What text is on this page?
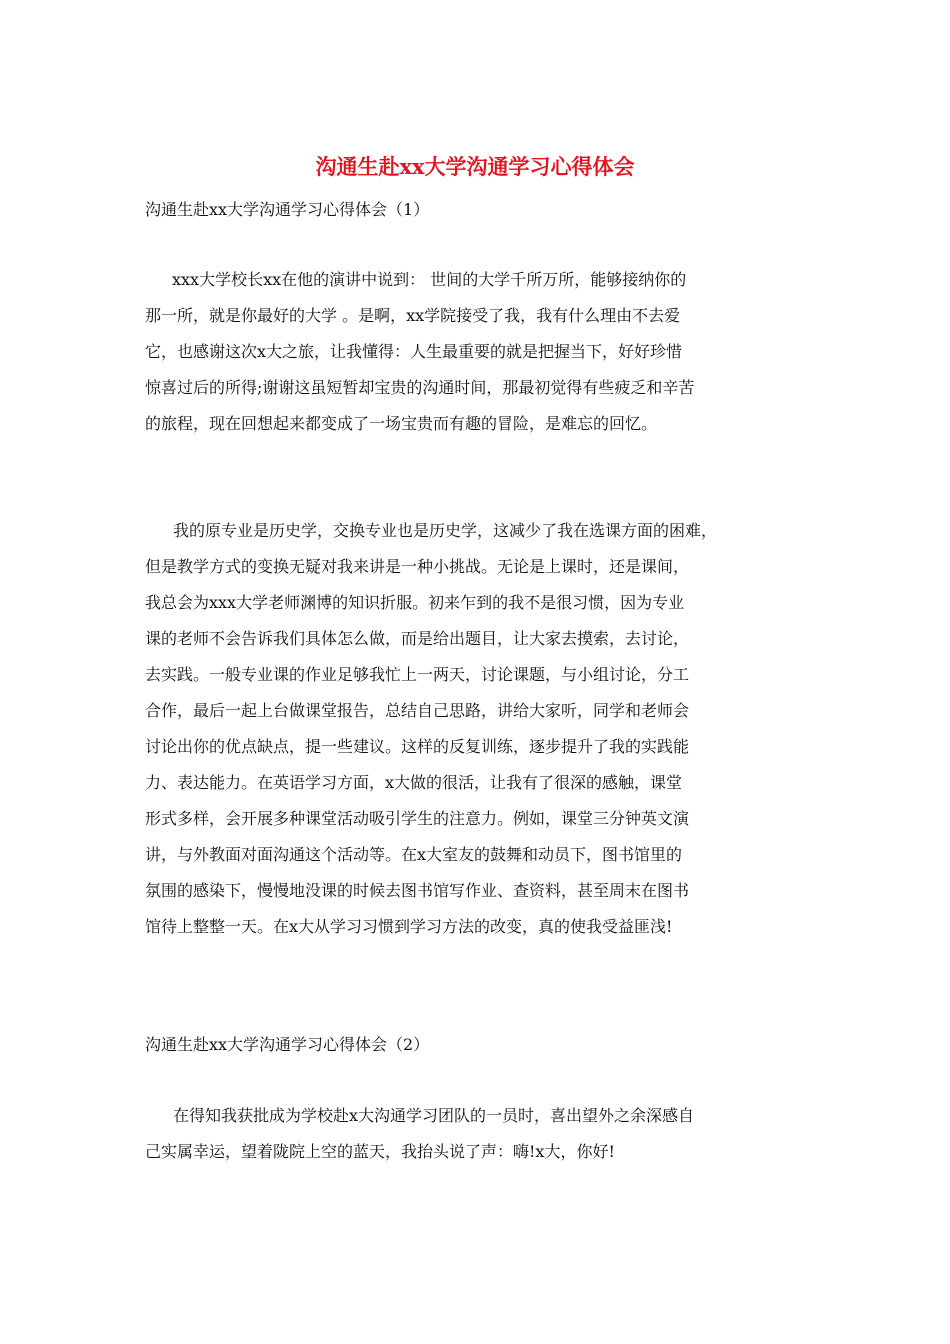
沟通生赴xx大学沟通学习心得体会
沟通生赴xx大学沟通学习心得体会（1）
xxx大学校长xx在他的演讲中说到： 世间的大学千所万所，能够接纳你的
那一所，就是你最好的大学 。是啊，xx学院接受了我，我有什么理由不去爱
它，也感谢这次x大之旅，让我懂得：人生最重要的就是把握当下，好好珍惜
惊喜过后的所得;谢谢这虽短暂却宝贵的沟通时间，那最初觉得有些疲乏和辛苦
的旅程，现在回想起来都变成了一场宝贵而有趣的冒险，是难忘的回忆。
我的原专业是历史学，交换专业也是历史学，这减少了我在选课方面的困难，
但是教学方式的变换无疑对我来讲是一种小挑战。无论是上课时，还是课间，
我总会为xxx大学老师渊博的知识折服。初来乍到的我不是很习惯，因为专业
课的老师不会告诉我们具体怎么做，而是给出题目，让大家去摸索，去讨论，
去实践。一般专业课的作业足够我忙上一两天，讨论课题，与小组讨论，分工
合作，最后一起上台做课堂报告，总结自己思路，讲给大家听，同学和老师会
讨论出你的优点缺点，提一些建议。这样的反复训练，逐步提升了我的实践能
力、表达能力。在英语学习方面，x大做的很活，让我有了很深的感触，课堂
形式多样，会开展多种课堂活动吸引学生的注意力。例如，课堂三分钟英文演
讲，与外教面对面沟通这个活动等。在x大室友的鼓舞和动员下，图书馆里的
氛围的感染下，慢慢地没课的时候去图书馆写作业、查资料，甚至周末在图书
馆待上整整一天。在x大从学习习惯到学习方法的改变，真的使我受益匪浅!
沟通生赴xx大学沟通学习心得体会（2）
在得知我获批成为学校赴x大沟通学习团队的一员时，喜出望外之余深感自
己实属幸运，望着陇院上空的蓝天，我抬头说了声：嗨!x大，你好!
